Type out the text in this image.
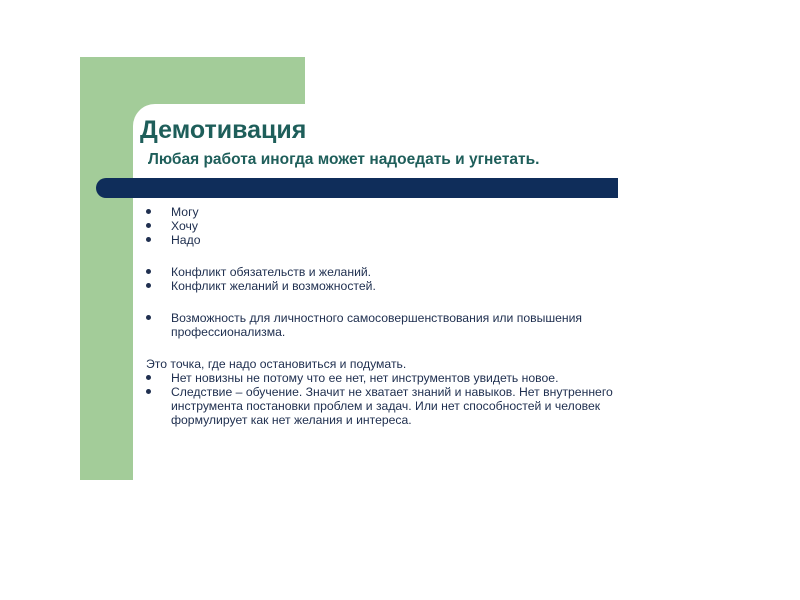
Демотивация

Любая работа иногда может надоедать и угнетать.

Могу

Хочу

Надо

Конфликт обязательств и желаний.

Конфликт желаний и возможностей.

Возможность для личностного самосовершенствования или повышения профессионализма.

Это точка, где надо остановиться и подумать.

Нет новизны не потому что ее нет, нет инструментов увидеть новое.

Следствие – обучение. Значит не хватает знаний и навыков. Нет внутреннего инструмента постановки проблем и задач. Или нет способностей и человек формулирует как нет желания и интереса.
